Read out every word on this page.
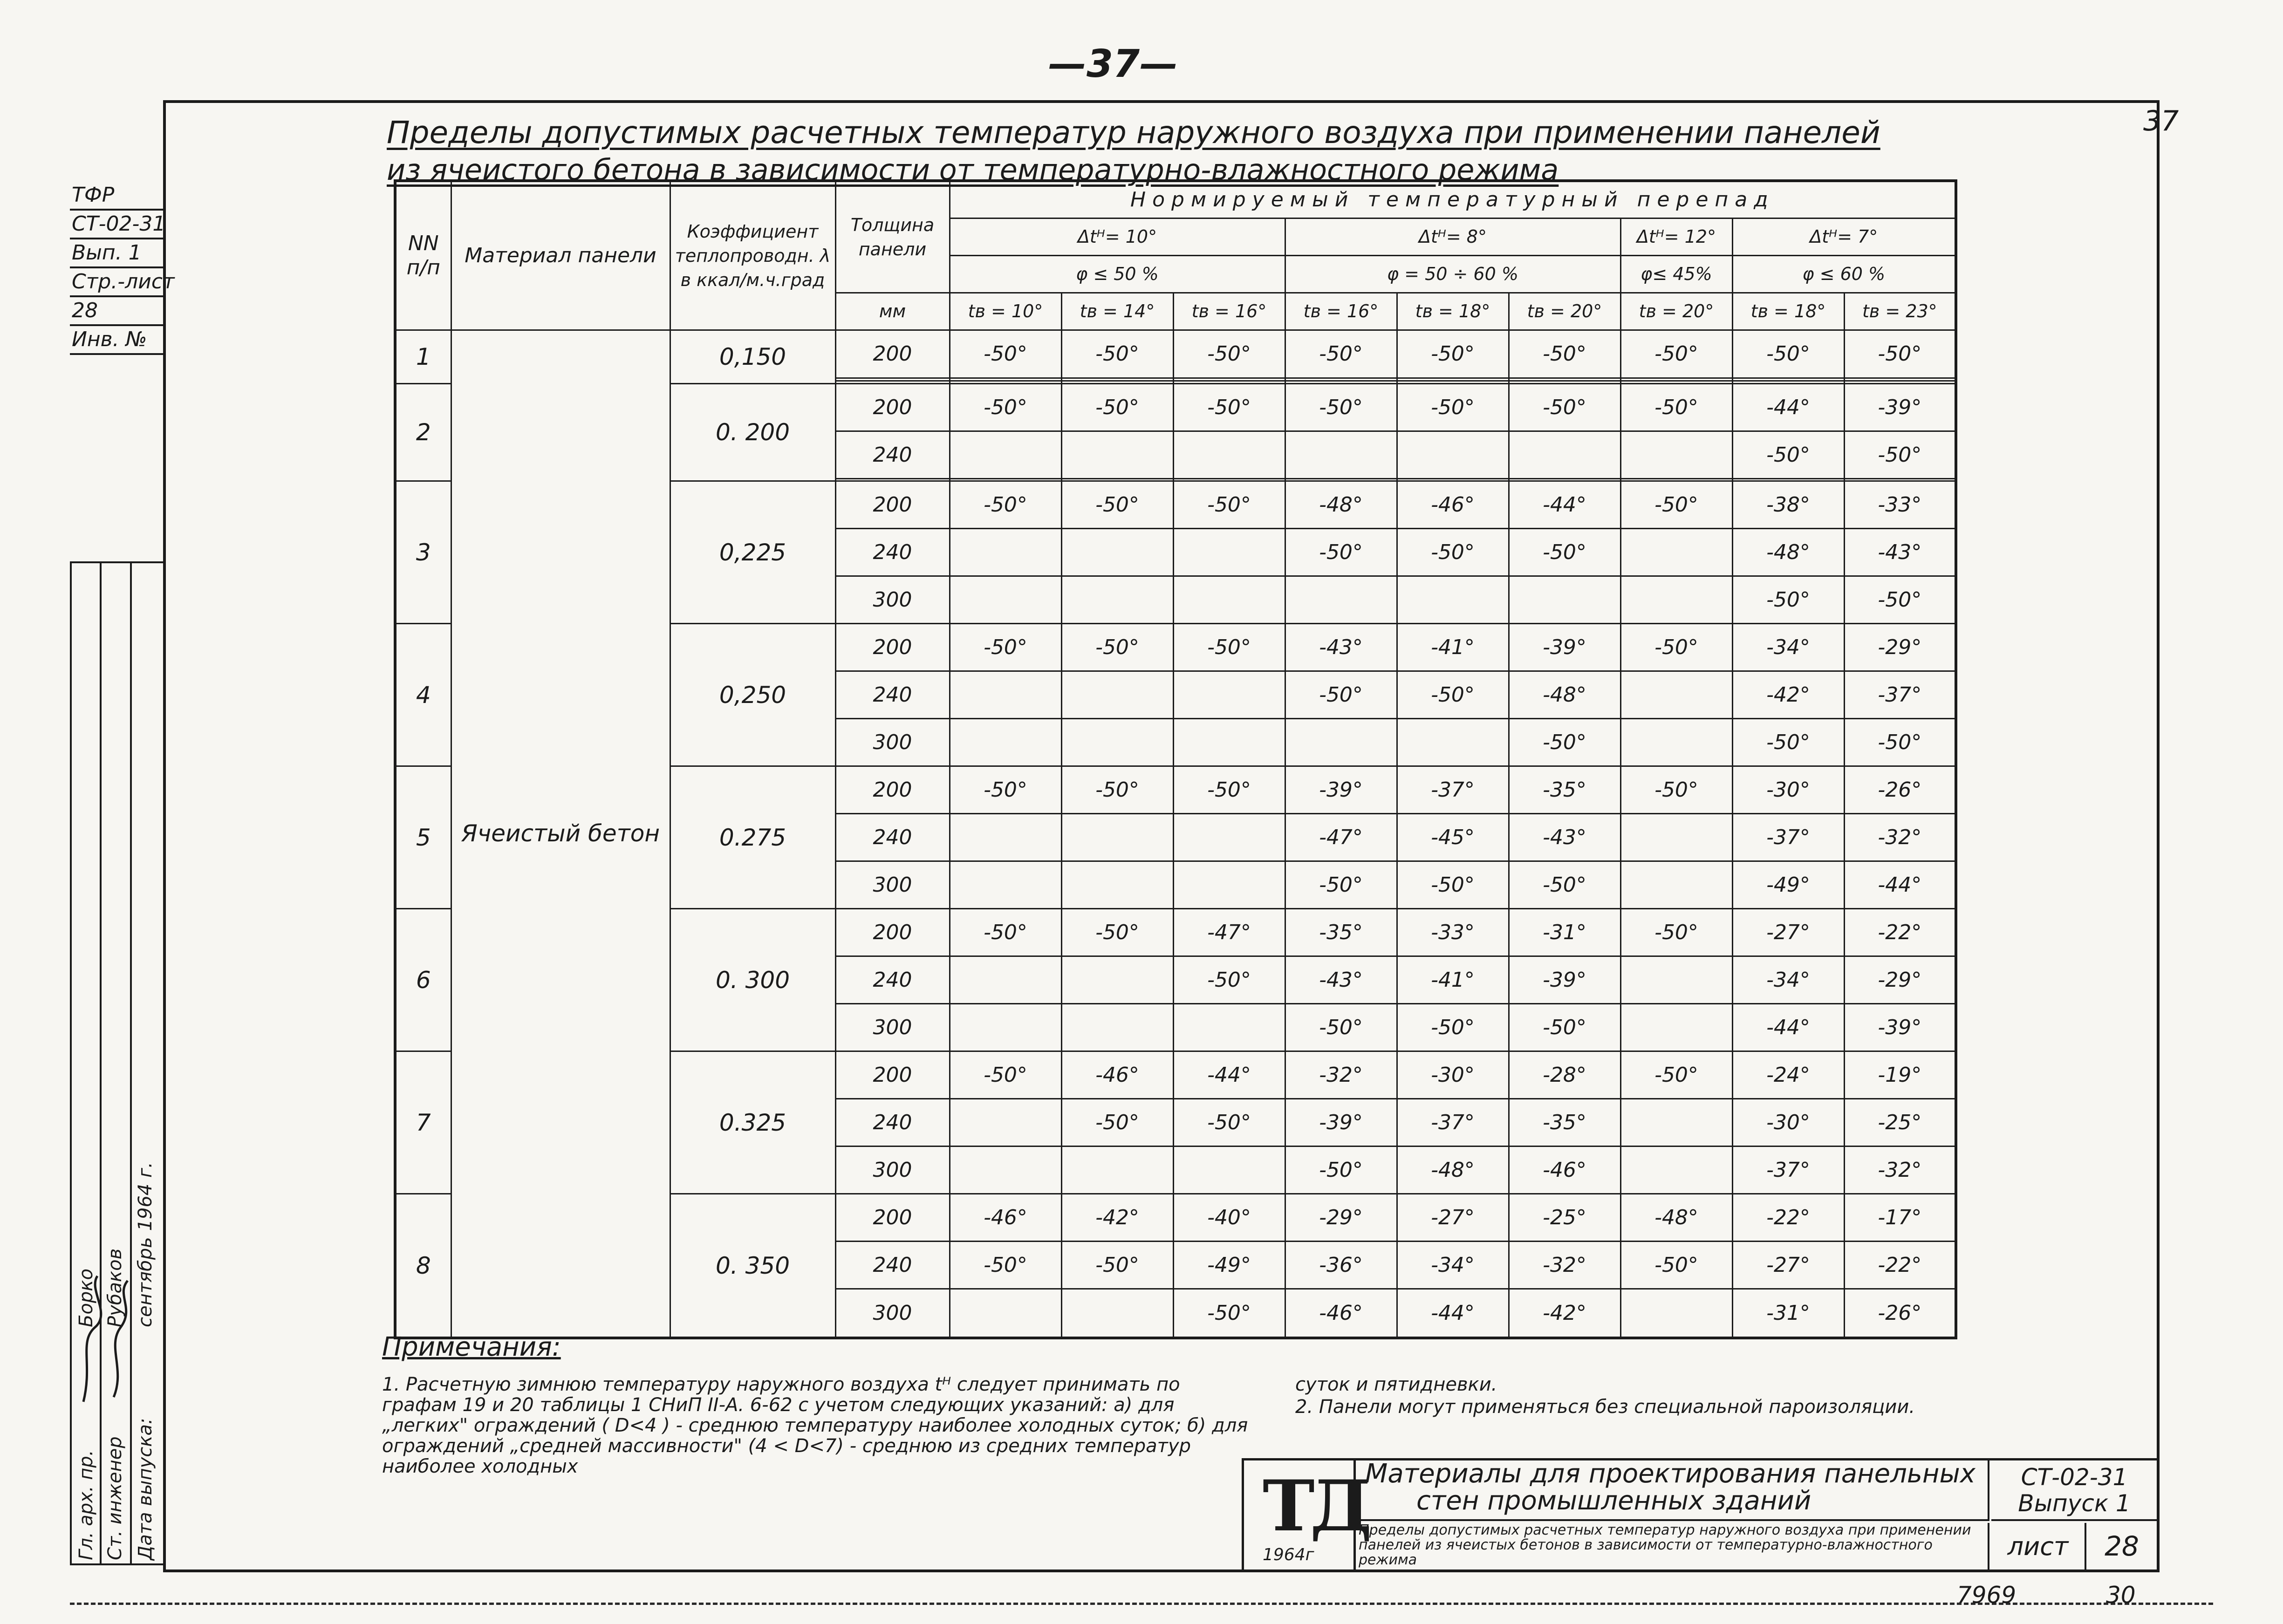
—37—
37
Пределы допустимых расчетных температур наружного воздуха при применении панелей
из ячеистого бетона в зависимости от температурно-влажностного режима
NN п/п	Материал панели	Коэффициент теплопроводн. λ в ккал/м.ч.град	Толщина панели	Нормируемый температурный перепад								
				Δtᴴ= 10°			Δtᴴ= 8°			Δtᴴ= 12°	Δtᴴ= 7°	
				φ ≤ 50 %			φ = 50 ÷ 60 %			φ≤ 45%	φ ≤ 60 %	
			мм	tв = 10°	tв = 14°	tв = 16°	tв = 16°	tв = 18°	tв = 20°	tв = 20°	tв = 18°	tв = 23°
1	Ячеистый бетон	0,150	200	-50°	-50°	-50°	-50°	-50°	-50°	-50°	-50°	-50°

2		0. 200	200	-50°	-50°	-50°	-50°	-50°	-50°	-50°	-44°	-39°
			240								-50°	-50°

3		0,225	200	-50°	-50°	-50°	-48°	-46°	-44°	-50°	-38°	-33°
			240				-50°	-50°	-50°		-48°	-43°
			300								-50°	-50°
4		0,250	200	-50°	-50°	-50°	-43°	-41°	-39°	-50°	-34°	-29°
			240				-50°	-50°	-48°		-42°	-37°
			300						-50°		-50°	-50°
5		0.275	200	-50°	-50°	-50°	-39°	-37°	-35°	-50°	-30°	-26°
			240				-47°	-45°	-43°		-37°	-32°
			300				-50°	-50°	-50°		-49°	-44°
6		0. 300	200	-50°	-50°	-47°	-35°	-33°	-31°	-50°	-27°	-22°
			240			-50°	-43°	-41°	-39°		-34°	-29°
			300				-50°	-50°	-50°		-44°	-39°
7		0.325	200	-50°	-46°	-44°	-32°	-30°	-28°	-50°	-24°	-19°
			240		-50°	-50°	-39°	-37°	-35°		-30°	-25°
			300				-50°	-48°	-46°		-37°	-32°
8		0. 350	200	-46°	-42°	-40°	-29°	-27°	-25°	-48°	-22°	-17°
			240	-50°	-50°	-49°	-36°	-34°	-32°	-50°	-27°	-22°
			300			-50°	-46°	-44°	-42°		-31°	-26°
Примечания:
1. Расчетную зимнюю температуру наружного воздуха tᴴ следует принимать по графам 19 и 20 таблицы 1 СНиП II-А. 6-62 с учетом следующих указаний: а) для „легких" ограждений ( D<4 ) - среднюю температуру наиболее холодных суток; б) для ограждений „средней массивности" (4 < D<7) - среднюю из средних температур наиболее холодных
суток и пятидневки.
2. Панели могут применяться без специальной пароизоляции.
ТФР
СТ-02-31
Вып. 1
Стр.-лист
28
Инв. №
Гл. арх. пр. Ст. инженер Дата выпуска:
Борко Рубаков сентябрь 1964 г.
ТД
1964г
Материалы для проектирования панельных
стен промышленных зданий
Пределы допустимых расчетных температур наружного воздуха при применении панелей из ячеистых бетонов в зависимости от температурно-влажностного режима
СТ-02-31
Выпуск 1
лист	28
7969	30
